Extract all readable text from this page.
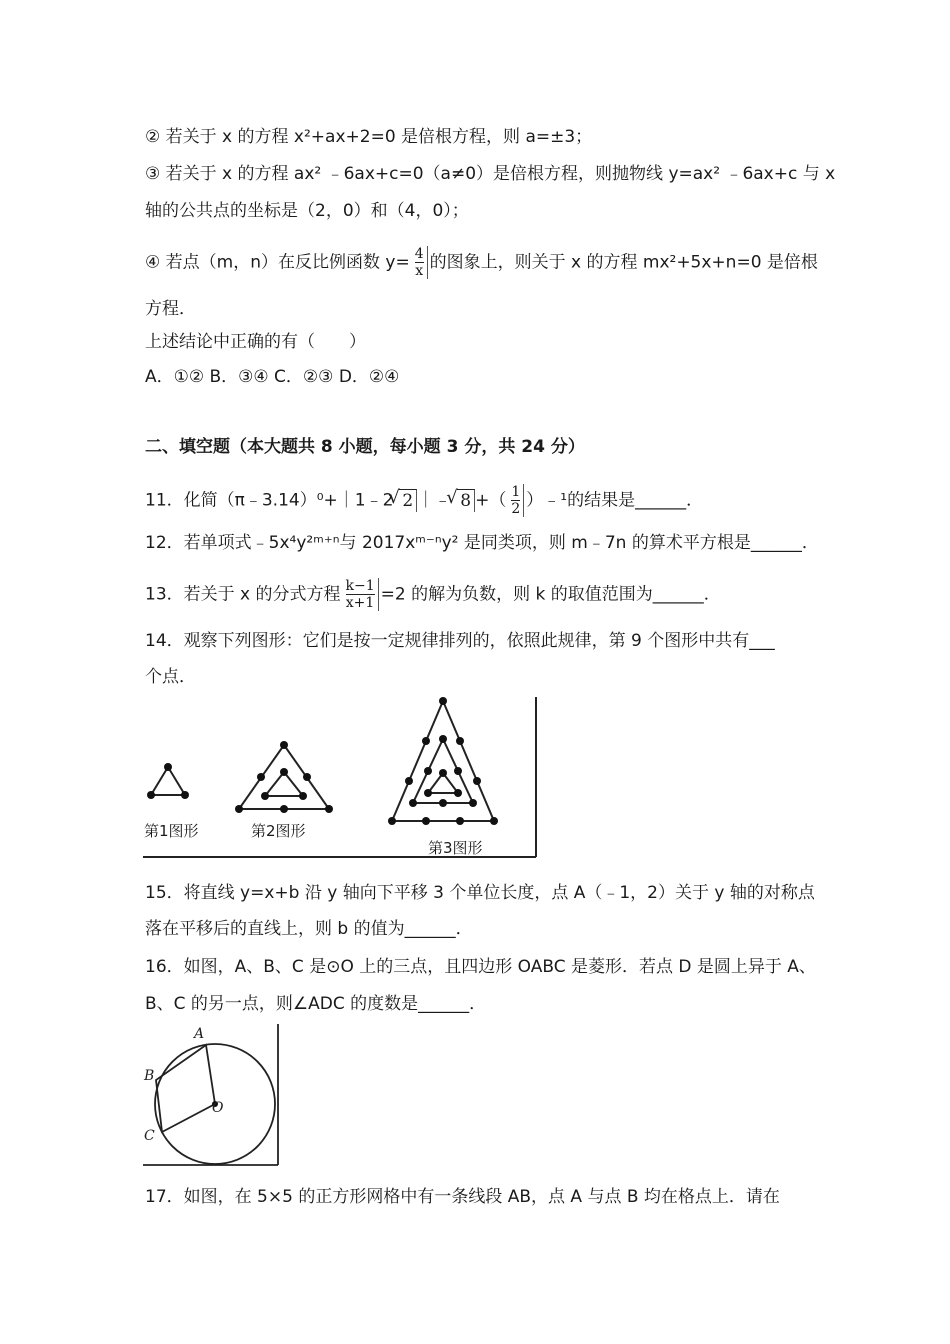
② 若关于 x 的方程 x²+ax+2=0 是倍根方程，则 a=±3；
③ 若关于 x 的方程 ax² ﹣6ax+c=0（a≠0）是倍根方程，则抛物线 y=ax² ﹣6ax+c 与 x
轴的公共点的坐标是（2，0）和（4，0）；
④ 若点（m，n）在反比例函数 $y= \frac{4}{x}$ 的图象上，则关于 x 的方程 mx²+5x+n=0 是倍根
方程．
上述结论中正确的有（　　）
A．①② B．③④ C．②③ D．②④
二、填空题（本大题共 8 小题，每小题 3 分，共 24 分）
11．化简（π﹣3.14）⁰+｜1﹣2 √ 2 ｜﹣ √ 8 +（ $\frac{1}{2}$ ）﹣¹的结果是______．
12．若单项式﹣5x⁴y²ᵐ⁺ⁿ与 2017xᵐ⁻ⁿy² 是同类项，则 m﹣7n 的算术平方根是______．
13．若关于 x 的分式方程 $\frac{k-1}{x+1} =2$ 的解为负数，则 k 的取值范围为______．
14．观察下列图形：它们是按一定规律排列的，依照此规律，第 9 个图形中共有___
个点．
第1图形	第2图形
第3图形
15．将直线 y=x+b 沿 y 轴向下平移 3 个单位长度，点 A（﹣1，2）关于 y 轴的对称点
落在平移后的直线上，则 b 的值为______．
16．如图，A、B、C 是⊙O 上的三点，且四边形 OABC 是菱形．若点 D 是圆上异于 A、
B、C 的另一点，则∠ADC 的度数是______．
A
B
C
O
17．如图，在 5×5 的正方形网格中有一条线段 AB，点 A 与点 B 均在格点上．请在
